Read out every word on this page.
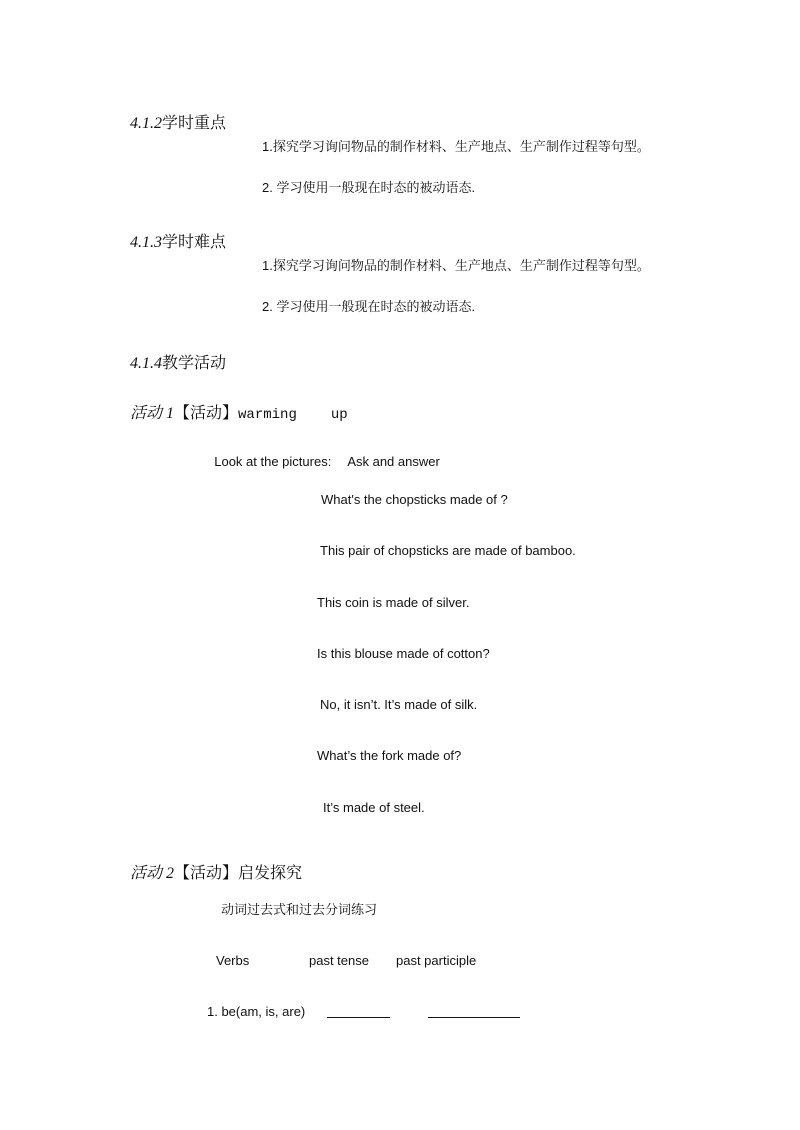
4.1.2学时重点

1.探究学习询问物品的制作材料、生产地点、生产制作过程等句型。
2. 学习使用一般现在时态的被动语态.

4.1.3学时难点

1.探究学习询问物品的制作材料、生产地点、生产制作过程等句型。
2. 学习使用一般现在时态的被动语态.

4.1.4教学活动

活动 1【活动】warming up

Look at the pictures: Ask and answer

What's the chopsticks made of ?
This pair of chopsticks are made of bamboo.
This coin is made of silver.
Is this blouse made of cotton?
No, it isn’t. It’s made of silk.
What’s the fork made of?
It’s made of steel.

活动 2【活动】启发探究

动词过去式和过去分词练习
Verbs	past tense past participle
1. be(am, is, are)
